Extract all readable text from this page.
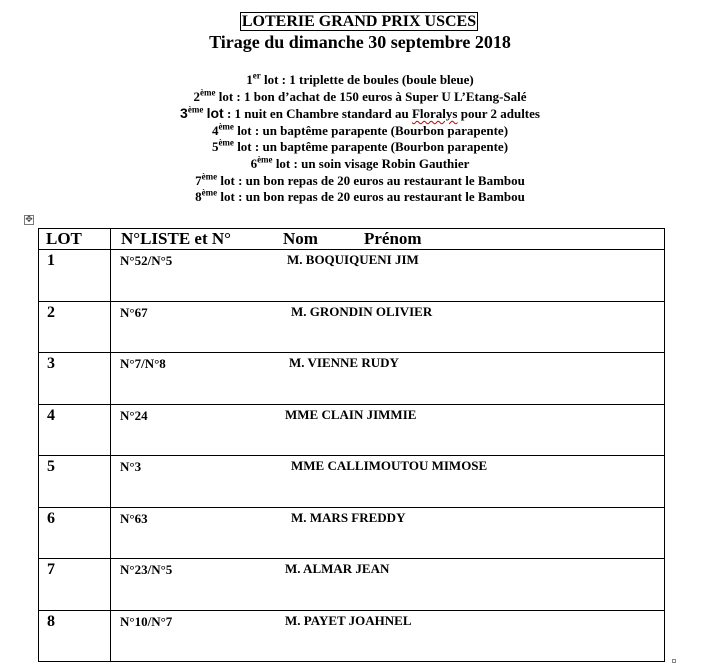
LOTERIE GRAND PRIX USCES
Tirage du dimanche 30 septembre 2018
1er lot : 1 triplette de boules (boule bleue)
2ème lot : 1 bon d’achat de 150 euros à Super U L’Etang-Salé
3ème lot : 1 nuit en Chambre standard au Floralys pour 2 adultes
4ème lot : un baptême parapente (Bourbon parapente)
5ème lot : un baptême parapente (Bourbon parapente)
6ème lot : un soin visage Robin Gauthier
7ème lot : un bon repas de 20 euros au restaurant le Bambou
8ème lot : un bon repas de 20 euros au restaurant le Bambou
✥
LOT	N°LISTE et N° Nom Prénom

1	N°52/N°5 M. BOQUIQUENI JIM

2	N°67 M. GRONDIN OLIVIER

3	N°7/N°8 M. VIENNE RUDY

4	N°24 MME CLAIN JIMMIE

5	N°3 MME CALLIMOUTOU MIMOSE

6	N°63 M. MARS FREDDY

7	N°23/N°5 M. ALMAR JEAN

8	N°10/N°7 M. PAYET JOAHNEL
